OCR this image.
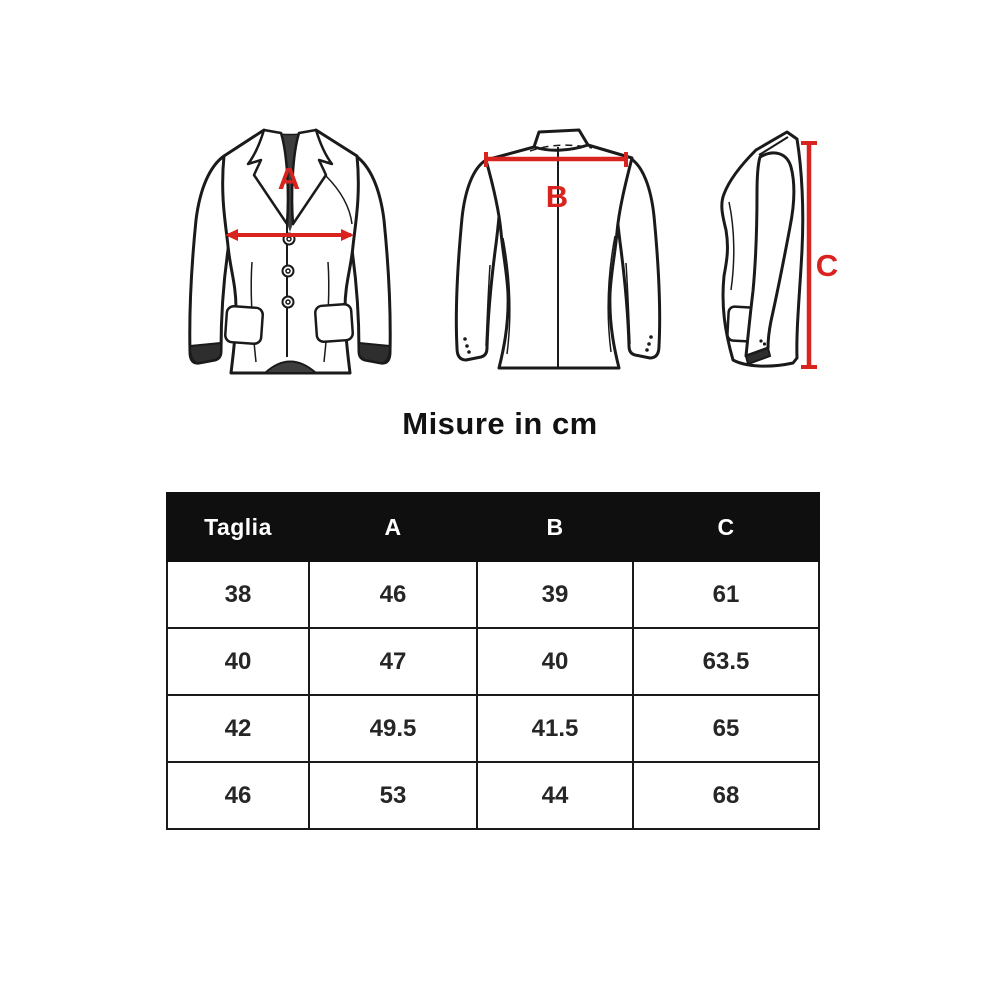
A
B
C
Misure in cm
Taglia	A	B	C
38	46	39	61
40	47	40	63.5
42	49.5	41.5	65
46	53	44	68
